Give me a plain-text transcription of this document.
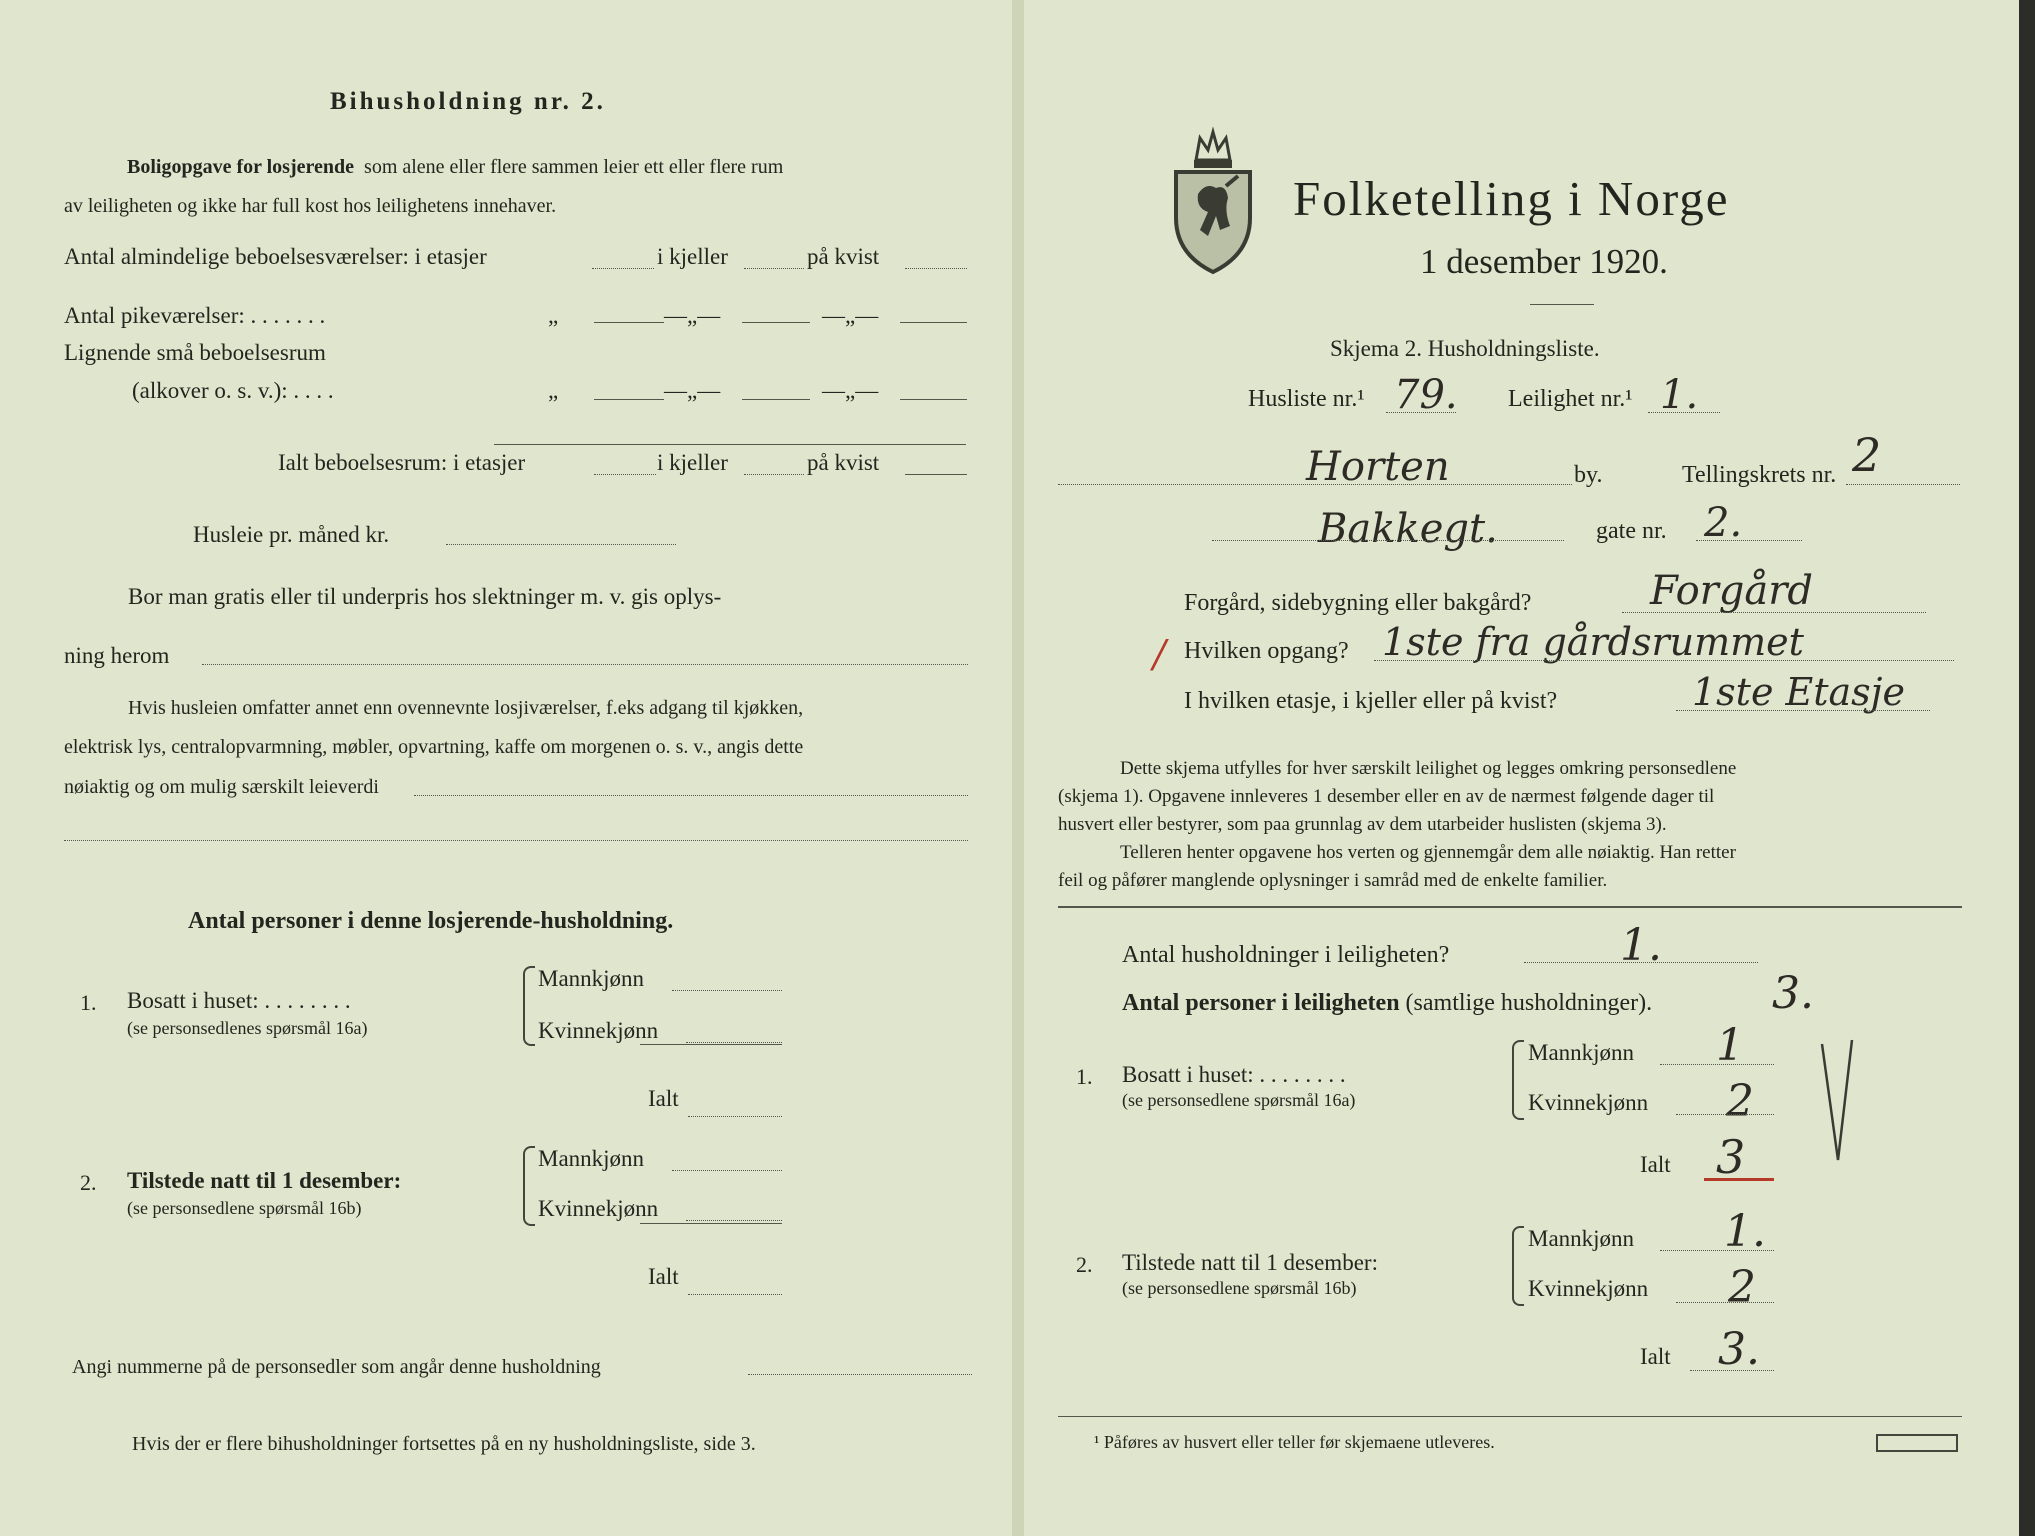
Bihusholdning nr. 2.
Boligopgave for losjerende som alene eller flere sammen leier ett eller flere rum
av leiligheten og ikke har full kost hos leilighetens innehaver.
Antal almindelige beboelsesværelser: i etasjer	i kjeller	på kvist
Antal pikeværelser: . . . . . . .	„	—„—	—„—
Lignende små beboelsesrum
(alkover o. s. v.): . . . .	„	—„—	—„—
Ialt beboelsesrum: i etasjer	i kjeller	på kvist
Husleie pr. måned kr.
Bor man gratis eller til underpris hos slektninger m. v. gis oplys-
ning herom
Hvis husleien omfatter annet enn ovennevnte losjiværelser, f.eks adgang til kjøkken,
elektrisk lys, centralopvarmning, møbler, opvartning, kaffe om morgenen o. s. v., angis dette
nøiaktig og om mulig særskilt leieverdi
Antal personer i denne losjerende-husholdning.
1. Bosatt i huset: . . . . . . . .
(se personsedlenes spørsmål 16a)
Mannkjønn
Kvinnekjønn
Ialt
2. Tilstede natt til 1 desember:
(se personsedlene spørsmål 16b)
Mannkjønn
Kvinnekjønn
Ialt
Angi nummerne på de personsedler som angår denne husholdning
Hvis der er flere bihusholdninger fortsettes på en ny husholdningsliste, side 3.
Folketelling i Norge
1 desember 1920.
Skjema 2. Husholdningsliste.
Husliste nr.¹ 79. Leilighet nr.¹ 1.
Horten	by.	Tellingskrets nr. 2
Bakkegt.	gate nr. 2.
Forgård, sidebygning eller bakgård?	Forgård
/ Hvilken opgang? 1ste fra gårdsrummet
I hvilken etasje, i kjeller eller på kvist?	1ste Etasje
Dette skjema utfylles for hver særskilt leilighet og legges omkring personsedlene
(skjema 1). Opgavene innleveres 1 desember eller en av de nærmest følgende dager til
husvert eller bestyrer, som paa grunnlag av dem utarbeider huslisten (skjema 3).
Telleren henter opgavene hos verten og gjennemgår dem alle nøiaktig. Han retter
feil og påfører manglende oplysninger i samråd med de enkelte familier.
Antal husholdninger i leiligheten?	1.
Antal personer i leiligheten (samtlige husholdninger).	3.
1. Bosatt i huset: . . . . . . . .
(se personsedlene spørsmål 16a)
Mannkjønn 1
Kvinnekjønn 2
Ialt 3
2. Tilstede natt til 1 desember:
(se personsedlene spørsmål 16b)
Mannkjønn 1.
Kvinnekjønn 2
Ialt 3.
¹ Påføres av husvert eller teller før skjemaene utleveres.
